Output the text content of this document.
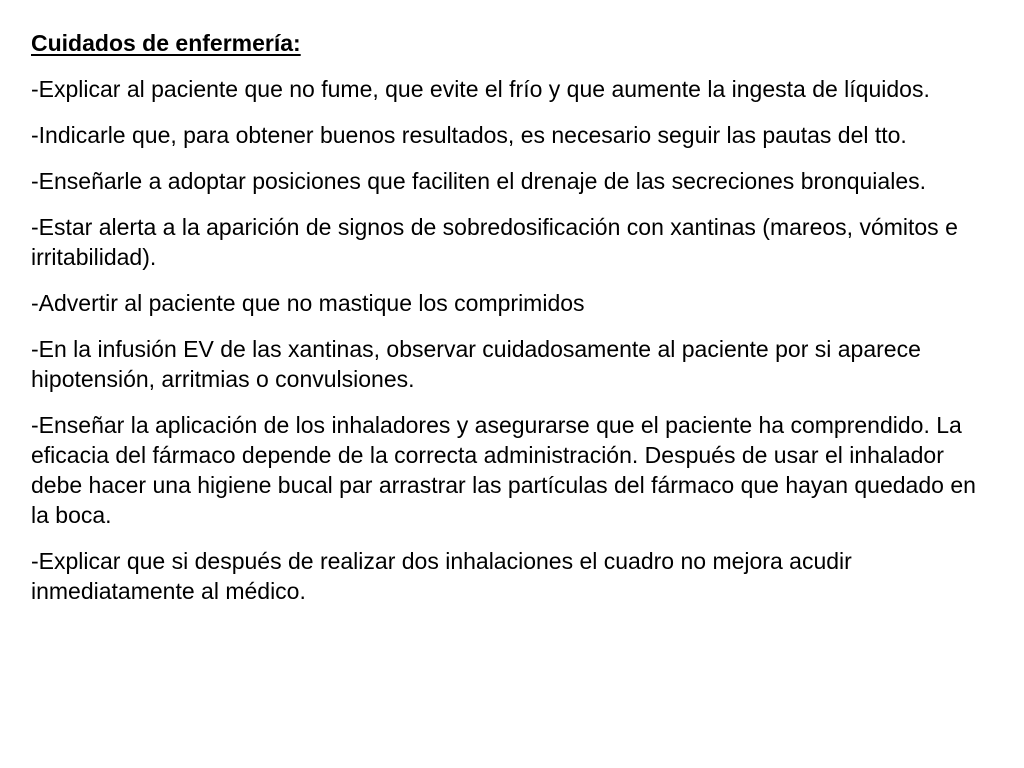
Cuidados de enfermería:
-Explicar al paciente que no fume, que evite el frío y que aumente la ingesta de líquidos.
-Indicarle que, para obtener buenos resultados, es necesario seguir las pautas del tto.
-Enseñarle a adoptar posiciones que faciliten el drenaje de las secreciones bronquiales.
-Estar alerta a la aparición de signos de sobredosificación con xantinas (mareos, vómitos e irritabilidad).
-Advertir al paciente que no mastique los comprimidos
-En la infusión EV de las xantinas, observar cuidadosamente al paciente por si aparece hipotensión, arritmias o convulsiones.
-Enseñar la aplicación de los inhaladores y asegurarse que el paciente ha comprendido. La eficacia del fármaco depende de la correcta administración. Después de usar el inhalador debe hacer una higiene bucal par arrastrar las partículas del fármaco que hayan quedado en la boca.
-Explicar que si después de realizar dos inhalaciones el cuadro no mejora acudir inmediatamente al médico.
